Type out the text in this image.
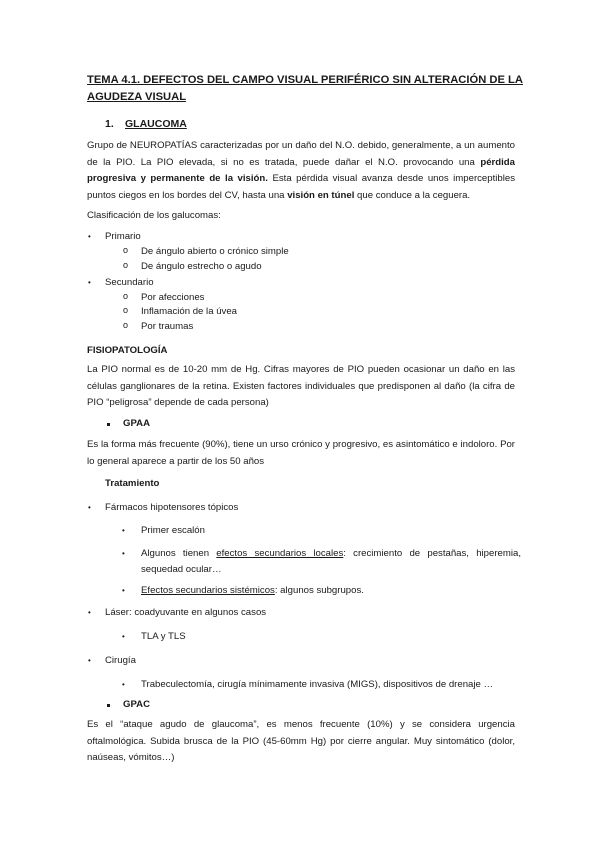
TEMA 4.1. DEFECTOS DEL CAMPO VISUAL PERIFÉRICO SIN ALTERACIÓN DE LA AGUDEZA VISUAL
1. GLAUCOMA
Grupo de NEUROPATÍAS caracterizadas por un daño del N.O. debido, generalmente, a un aumento de la PIO. La PIO elevada, si no es tratada, puede dañar el N.O. provocando una pérdida progresiva y permanente de la visión. Esta pérdida visual avanza desde unos imperceptibles puntos ciegos en los bordes del CV, hasta una visión en túnel que conduce a la ceguera.
Clasificación de los galucomas:
• Primario
o De ángulo abierto o crónico simple
o De ángulo estrecho o agudo
• Secundario
o Por afecciones
o Inflamación de la úvea
o Por traumas
FISIOPATOLOGÍA
La PIO normal es de 10-20 mm de Hg. Cifras mayores de PIO pueden ocasionar un daño en las células ganglionares de la retina. Existen factores individuales que predisponen al daño (la cifra de PIO “peligrosa” depende de cada persona)
GPAA
Es la forma más frecuente (90%), tiene un urso crónico y progresivo, es asintomático e indoloro. Por lo general aparece a partir de los 50 años
Tratamiento
• Fármacos hipotensores tópicos
• Primer escalón
• Algunos tienen efectos secundarios locales: crecimiento de pestañas, hiperemia, sequedad ocular…
• Efectos secundarios sistémicos: algunos subgrupos.
• Láser: coadyuvante en algunos casos
• TLA y TLS
• Cirugía
• Trabeculectomía, cirugía mínimamente invasiva (MIGS), dispositivos de drenaje …
GPAC
Es el “ataque agudo de glaucoma”, es menos frecuente (10%) y se considera urgencia oftalmológica. Subida brusca de la PIO (45-60mm Hg) por cierre angular. Muy sintomático (dolor, naúseas, vómitos…)
